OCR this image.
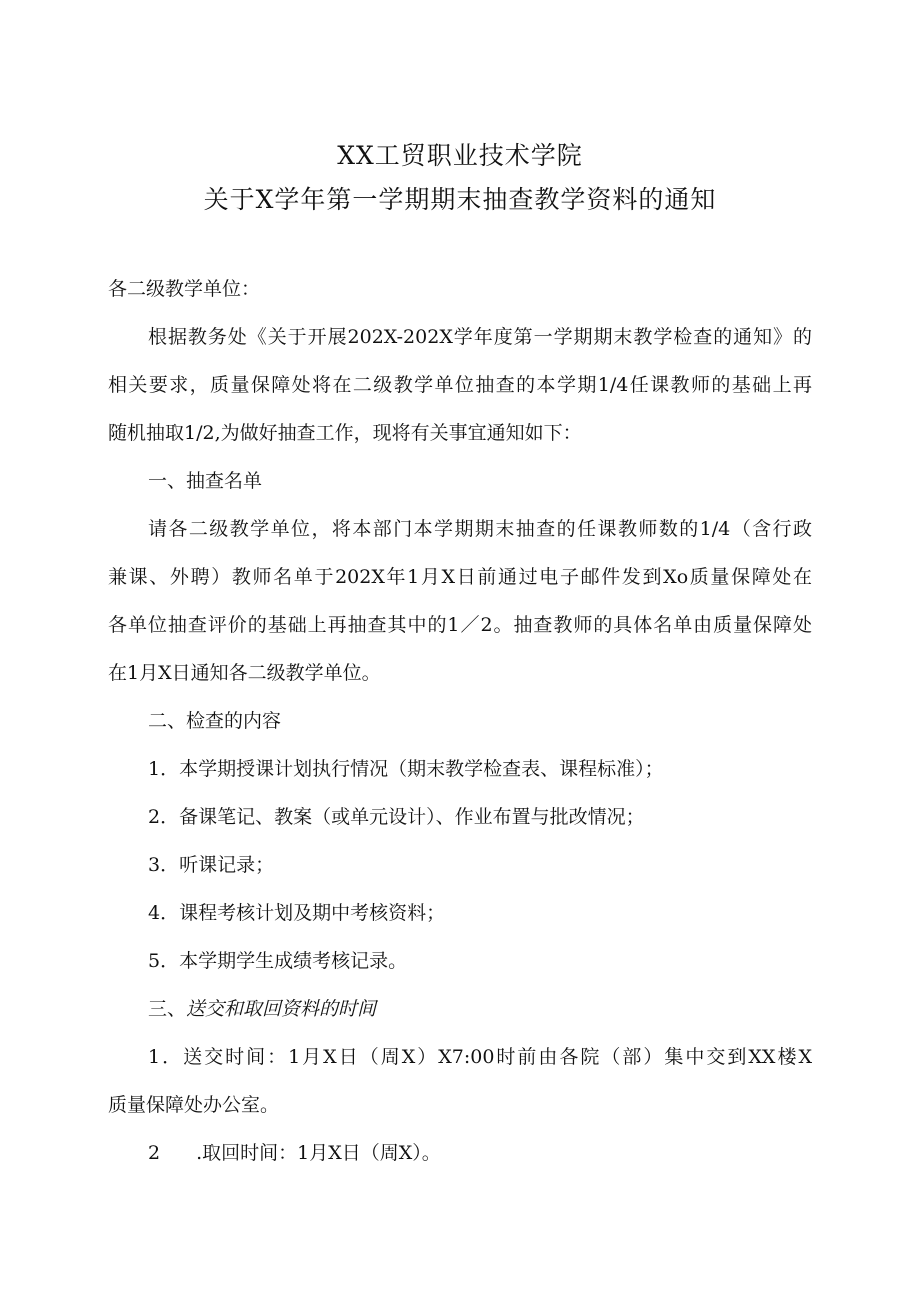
XX工贸职业技术学院
关于X学年第一学期期末抽查教学资料的通知
各二级教学单位：
根据教务处《关于开展202X-202X学年度第一学期期末教学检查的通知》的
相关要求，质量保障处将在二级教学单位抽查的本学期1/4任课教师的基础上再
随机抽取1/2,为做好抽查工作，现将有关事宜通知如下：
一、抽查名单
请各二级教学单位，将本部门本学期期末抽查的任课教师数的1/4（含行政
兼课、外聘）教师名单于202X年1月X日前通过电子邮件发到Xo质量保障处在
各单位抽查评价的基础上再抽查其中的1／2。抽查教师的具体名单由质量保障处
在1月X日通知各二级教学单位。
二、检查的内容
1．本学期授课计划执行情况（期末教学检查表、课程标准）；
2．备课笔记、教案（或单元设计）、作业布置与批改情况；
3．听课记录；
4．课程考核计划及期中考核资料；
5．本学期学生成绩考核记录。
三、送交和取回资料的时间
1．送交时间：1月X日（周X）X7:00时前由各院（部）集中交到XX楼X
质量保障处办公室。
2 .取回时间：1月X日（周X）。
